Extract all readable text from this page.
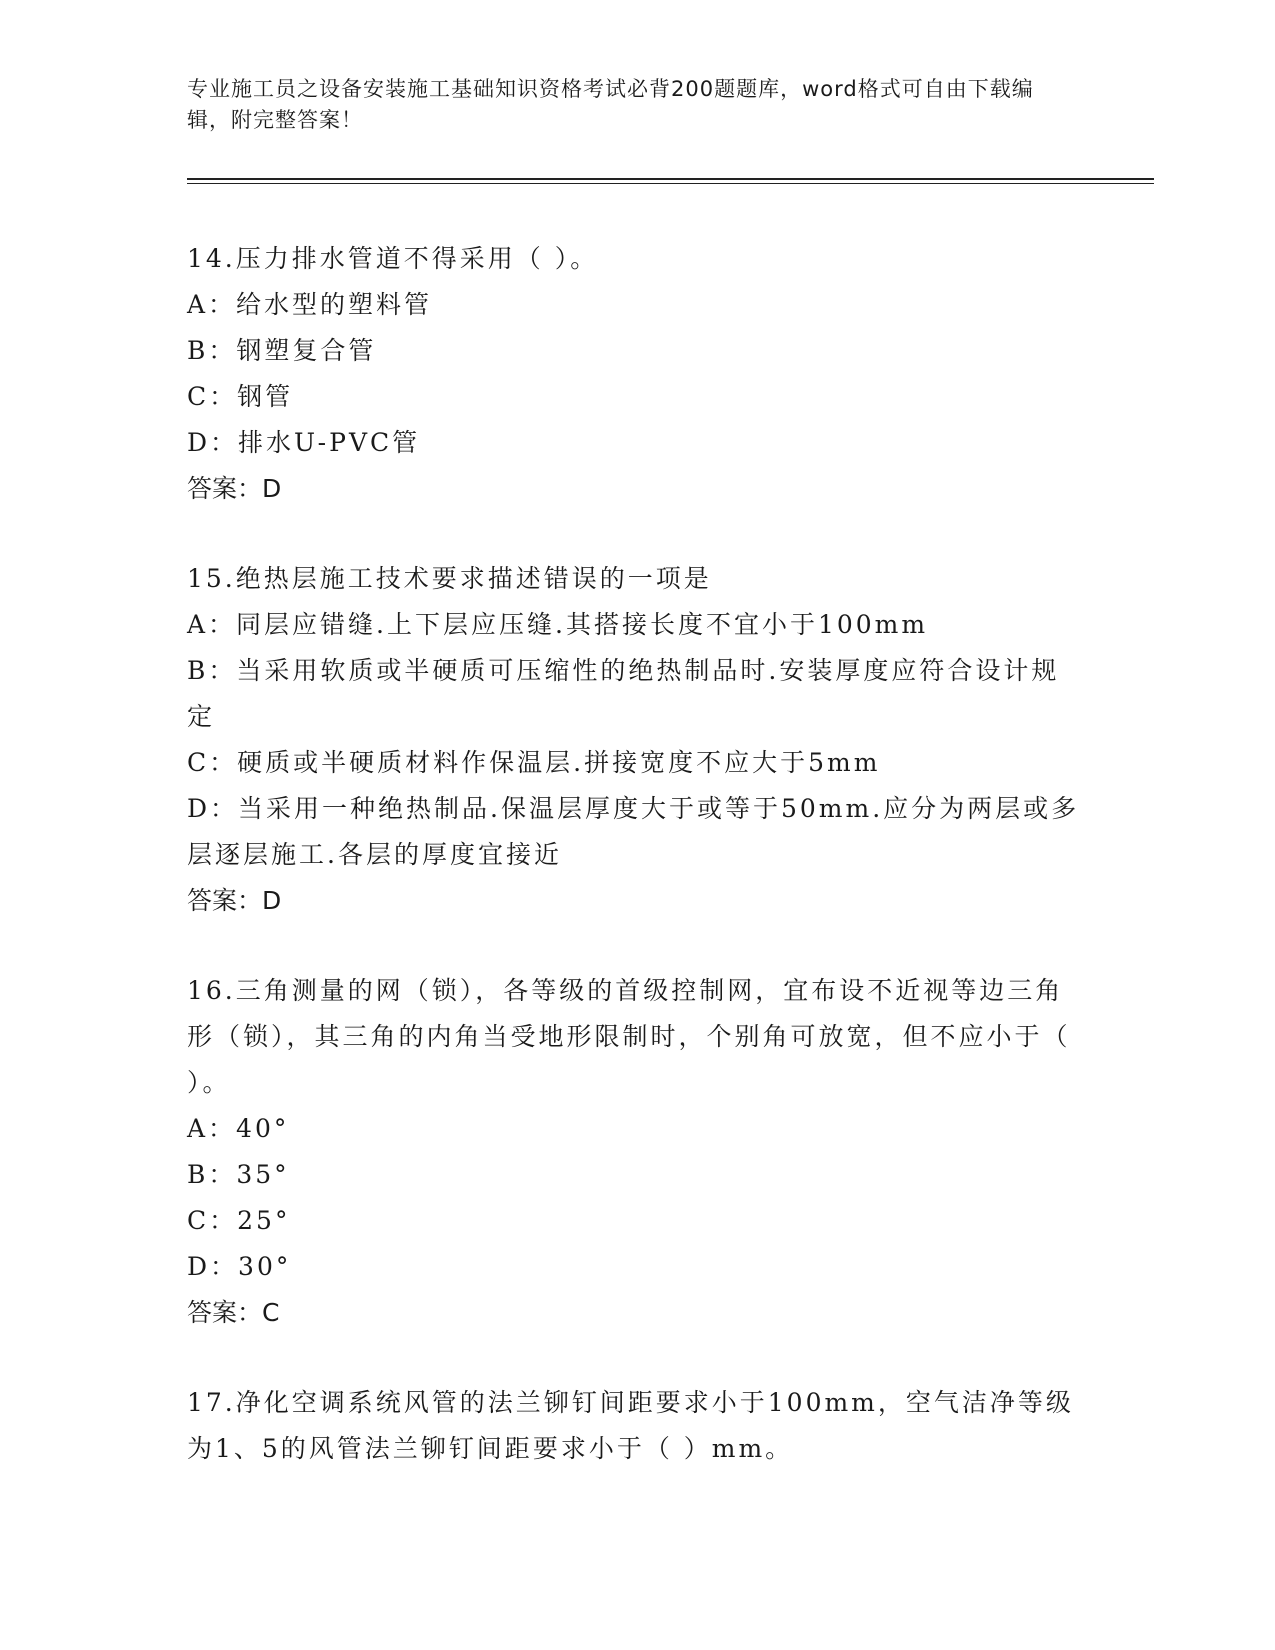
专业施工员之设备安装施工基础知识资格考试必背200题题库，word格式可自由下载编辑，附完整答案！
14.压力排水管道不得采用（ ）。
A：给水型的塑料管
B：钢塑复合管
C：钢管
D：排水U-PVC管
答案：D
15.绝热层施工技术要求描述错误的一项是
A：同层应错缝.上下层应压缝.其搭接长度不宜小于100mm
B：当采用软质或半硬质可压缩性的绝热制品时.安装厚度应符合设计规定
C：硬质或半硬质材料作保温层.拼接宽度不应大于5mm
D：当采用一种绝热制品.保温层厚度大于或等于50mm.应分为两层或多层逐层施工.各层的厚度宜接近
答案：D
16.三角测量的网（锁），各等级的首级控制网，宜布设不近视等边三角形（锁），其三角的内角当受地形限制时，个别角可放宽，但不应小于（ ）。
A：40°
B：35°
C：25°
D：30°
答案：C
17.净化空调系统风管的法兰铆钉间距要求小于100mm，空气洁净等级为1、5的风管法兰铆钉间距要求小于（ ）mm。
